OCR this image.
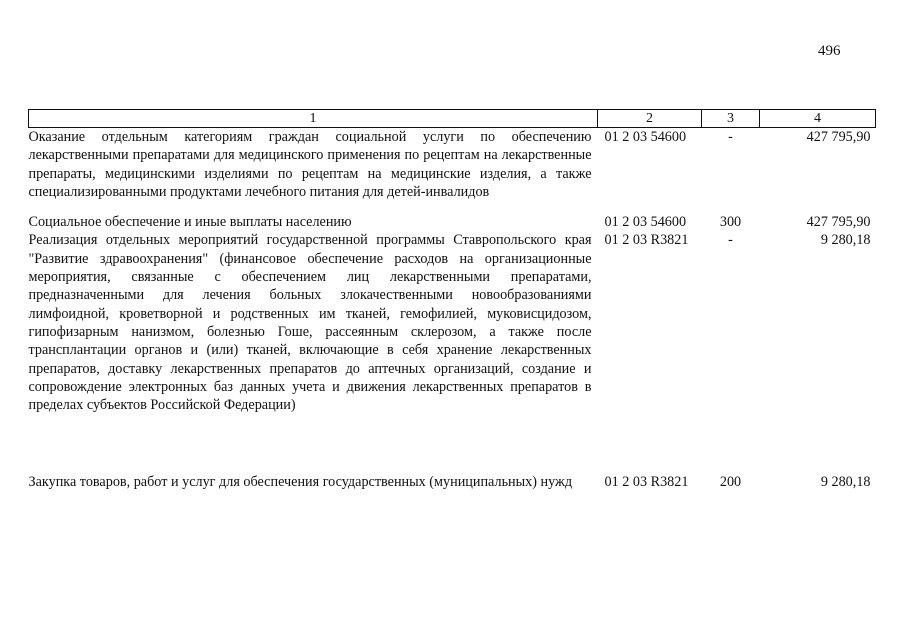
496
1	2	3	4
Оказание отдельным категориям граждан социальной услуги по обеспечению лекарственными препаратами для медицинского применения по рецептам на лекарственные препараты, медицинскими изделиями по рецептам на медицинские изделия, а также специализированными продуктами лечебного питания для детей-инвалидов	01 2 03 54600	-	427 795,90
Социальное обеспечение и иные выплаты населению	01 2 03 54600	300	427 795,90
Реализация отдельных мероприятий государственной программы Ставропольского края "Развитие здравоохранения" (финансовое обеспечение расходов на организационные мероприятия, связанные с обеспечением лиц лекарственными препаратами, предназначенными для лечения больных злокачественными новообразованиями лимфоидной, кроветворной и родственных им тканей, гемофилией, муковисцидозом, гипофизарным нанизмом, болезнью Гоше, рассеянным склерозом, а также после трансплантации органов и (или) тканей, включающие в себя хранение лекарственных препаратов, доставку лекарственных препаратов до аптечных организаций, создание и сопровождение электронных баз данных учета и движения лекарственных препаратов в пределах субъектов Российской Федерации)	01 2 03 R3821	-	9 280,18
Закупка товаров, работ и услуг для обеспечения государственных (муниципальных) нужд	01 2 03 R3821	200	9 280,18
